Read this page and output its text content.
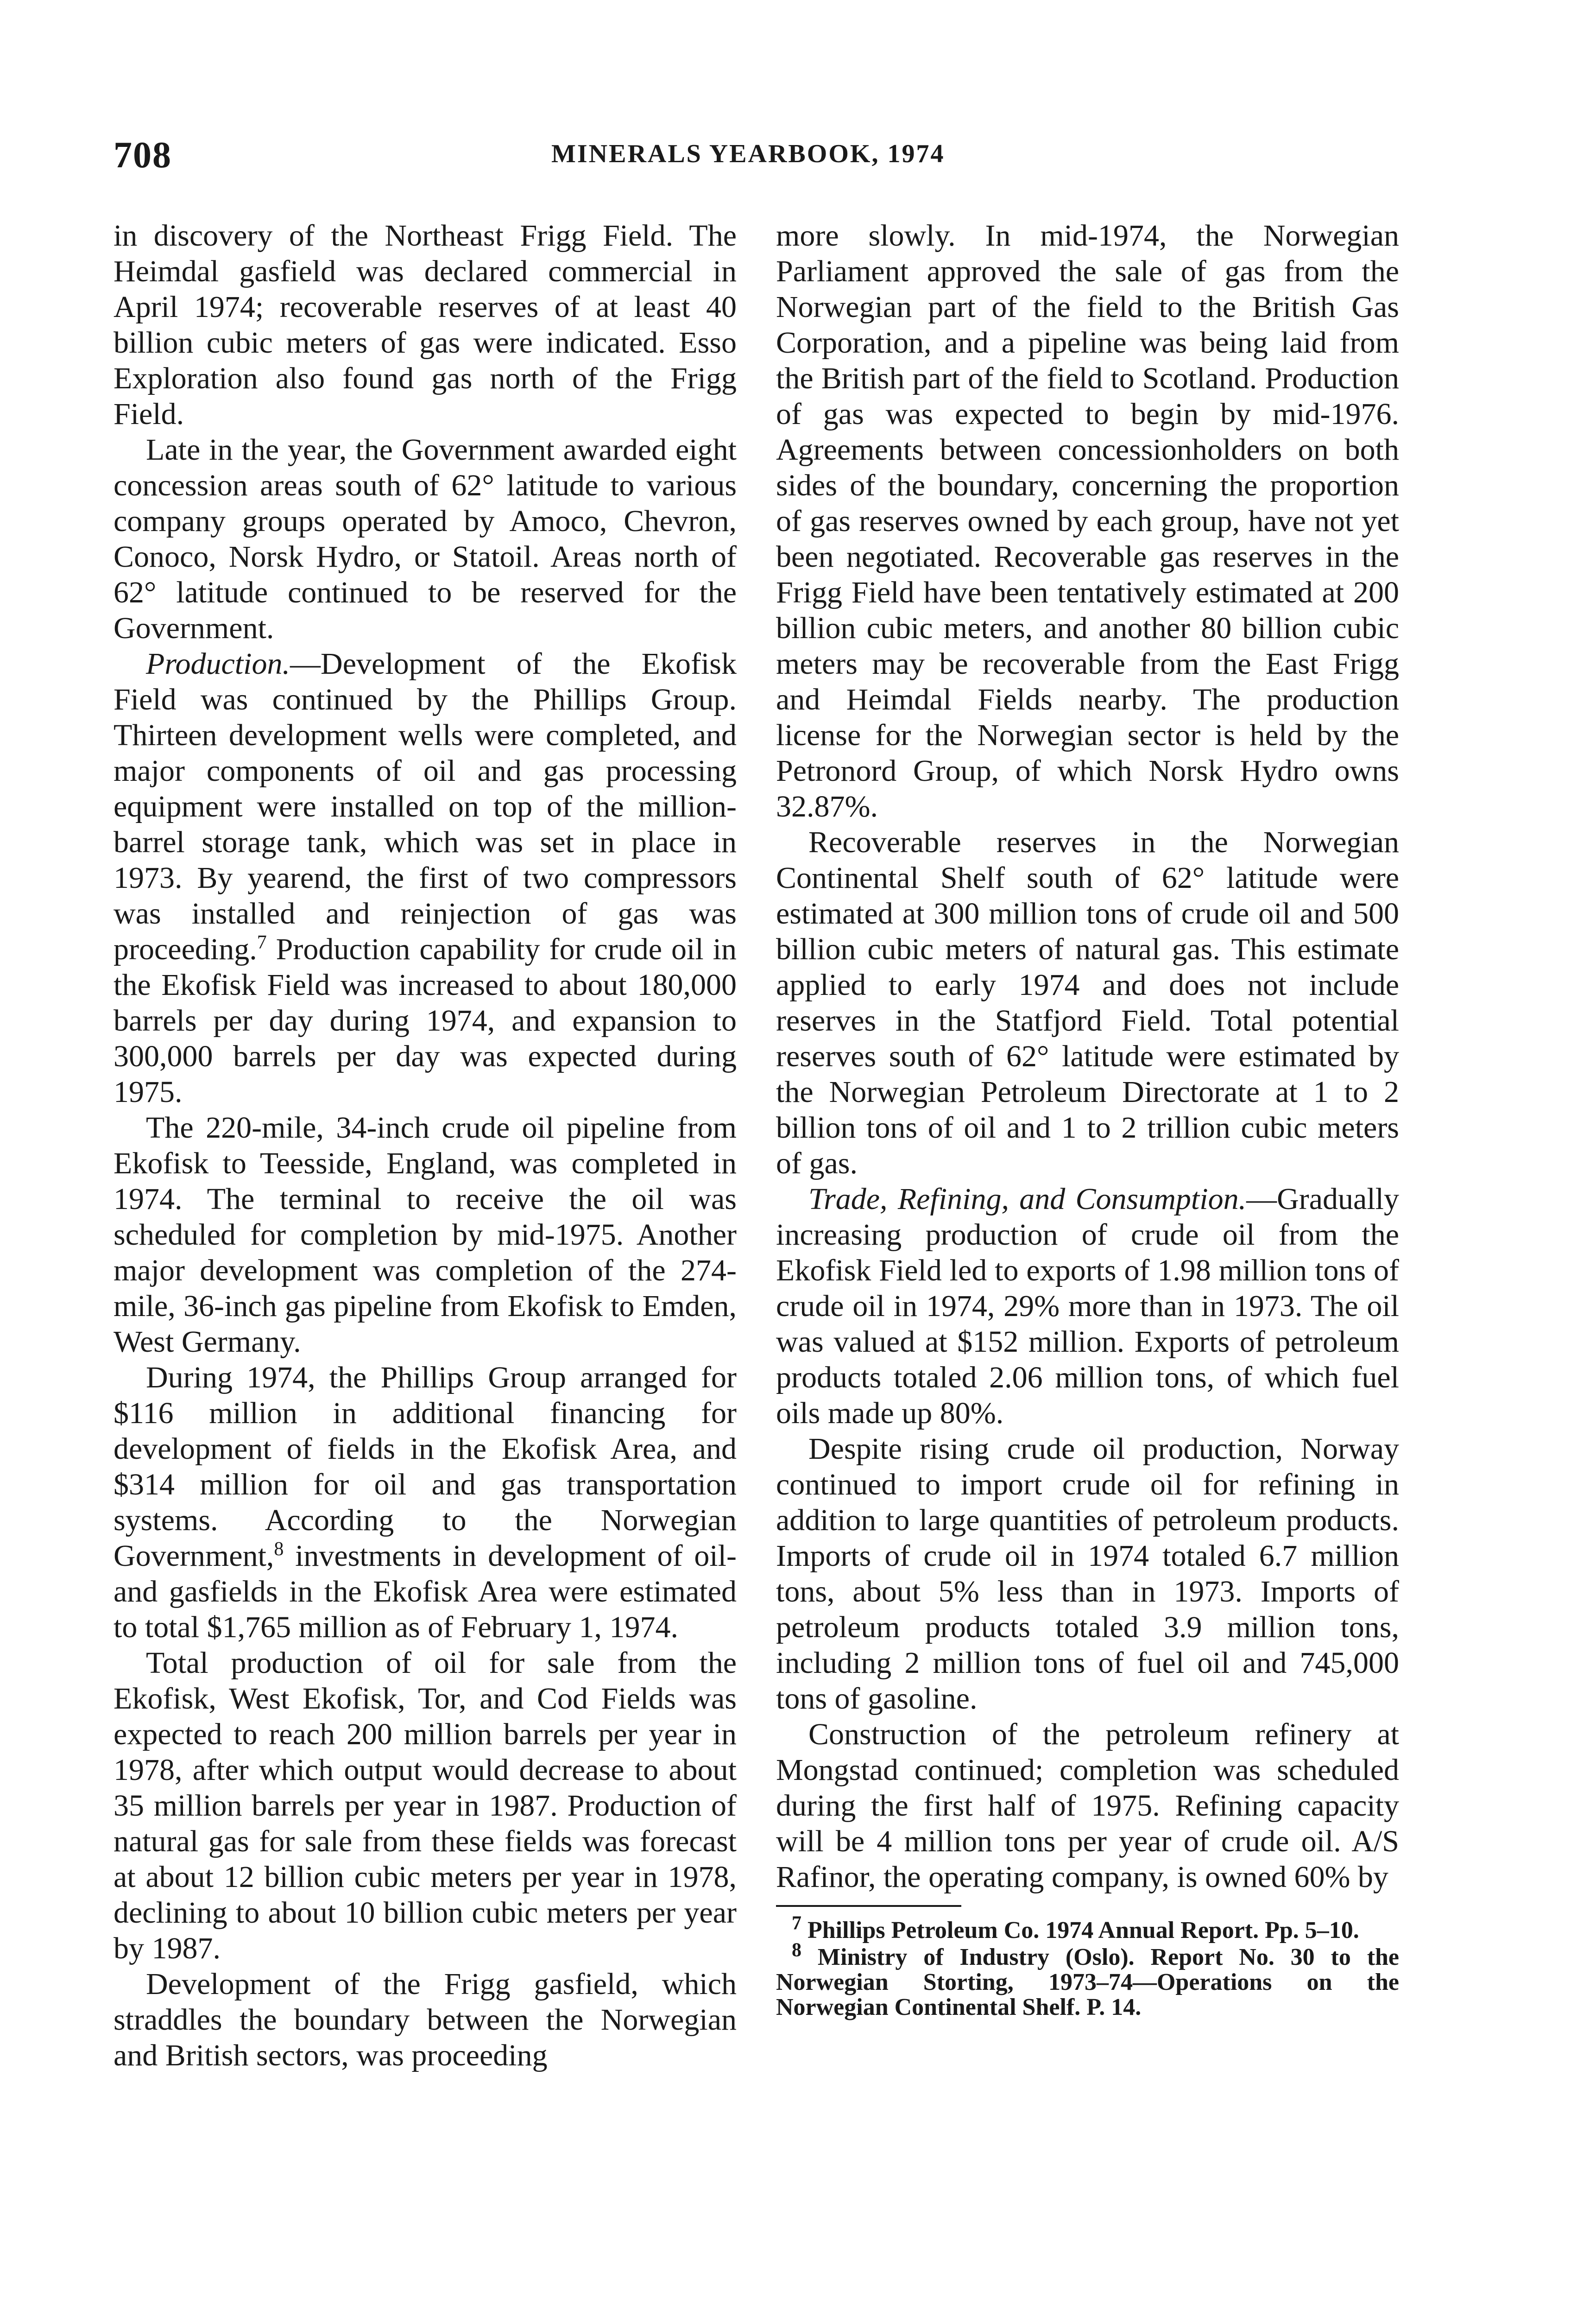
708	MINERALS YEARBOOK, 1974

in discovery of the Northeast Frigg Field. The Heimdal gasfield was declared commercial in April 1974; recoverable reserves of at least 40 billion cubic meters of gas were indicated. Esso Exploration also found gas north of the Frigg Field.

Late in the year, the Government awarded eight concession areas south of 62° latitude to various company groups operated by Amoco, Chevron, Conoco, Norsk Hydro, or Statoil. Areas north of 62° latitude continued to be reserved for the Government.

Production.—Development of the Ekofisk Field was continued by the Phillips Group. Thirteen development wells were completed, and major components of oil and gas processing equipment were installed on top of the million-barrel storage tank, which was set in place in 1973. By yearend, the first of two compressors was installed and reinjection of gas was proceeding.$^7$ Production capability for crude oil in the Ekofisk Field was increased to about 180,000 barrels per day during 1974, and expansion to 300,000 barrels per day was expected during 1975.

The 220-mile, 34-inch crude oil pipeline from Ekofisk to Teesside, England, was completed in 1974. The terminal to receive the oil was scheduled for completion by mid-1975. Another major development was completion of the 274-mile, 36-inch gas pipeline from Ekofisk to Emden, West Germany.

During 1974, the Phillips Group arranged for $116 million in additional financing for development of fields in the Ekofisk Area, and $314 million for oil and gas transportation systems. According to the Norwegian Government,$^8$ investments in development of oil- and gasfields in the Ekofisk Area were estimated to total $1,765 million as of February 1, 1974.

Total production of oil for sale from the Ekofisk, West Ekofisk, Tor, and Cod Fields was expected to reach 200 million barrels per year in 1978, after which output would decrease to about 35 million barrels per year in 1987. Production of natural gas for sale from these fields was forecast at about 12 billion cubic meters per year in 1978, declining to about 10 billion cubic meters per year by 1987.

Development of the Frigg gasfield, which straddles the boundary between the Norwegian and British sectors, was proceeding

more slowly. In mid-1974, the Norwegian Parliament approved the sale of gas from the Norwegian part of the field to the British Gas Corporation, and a pipeline was being laid from the British part of the field to Scotland. Production of gas was expected to begin by mid-1976. Agreements between concessionholders on both sides of the boundary, concerning the proportion of gas reserves owned by each group, have not yet been negotiated. Recoverable gas reserves in the Frigg Field have been tentatively estimated at 200 billion cubic meters, and another 80 billion cubic meters may be recoverable from the East Frigg and Heimdal Fields nearby. The production license for the Norwegian sector is held by the Petronord Group, of which Norsk Hydro owns 32.87%.

Recoverable reserves in the Norwegian Continental Shelf south of 62° latitude were estimated at 300 million tons of crude oil and 500 billion cubic meters of natural gas. This estimate applied to early 1974 and does not include reserves in the Statfjord Field. Total potential reserves south of 62° latitude were estimated by the Norwegian Petroleum Directorate at 1 to 2 billion tons of oil and 1 to 2 trillion cubic meters of gas.

Trade, Refining, and Consumption.—Gradually increasing production of crude oil from the Ekofisk Field led to exports of 1.98 million tons of crude oil in 1974, 29% more than in 1973. The oil was valued at $152 million. Exports of petroleum products totaled 2.06 million tons, of which fuel oils made up 80%.

Despite rising crude oil production, Norway continued to import crude oil for refining in addition to large quantities of petroleum products. Imports of crude oil in 1974 totaled 6.7 million tons, about 5% less than in 1973. Imports of petroleum products totaled 3.9 million tons, including 2 million tons of fuel oil and 745,000 tons of gasoline.

Construction of the petroleum refinery at Mongstad continued; completion was scheduled during the first half of 1975. Refining capacity will be 4 million tons per year of crude oil. A/S Rafinor, the operating company, is owned 60% by

$^7$ Phillips Petroleum Co. 1974 Annual Report. Pp. 5–10.

$^8$ Ministry of Industry (Oslo). Report No. 30 to the Norwegian Storting, 1973–74—Operations on the Norwegian Continental Shelf. P. 14.
